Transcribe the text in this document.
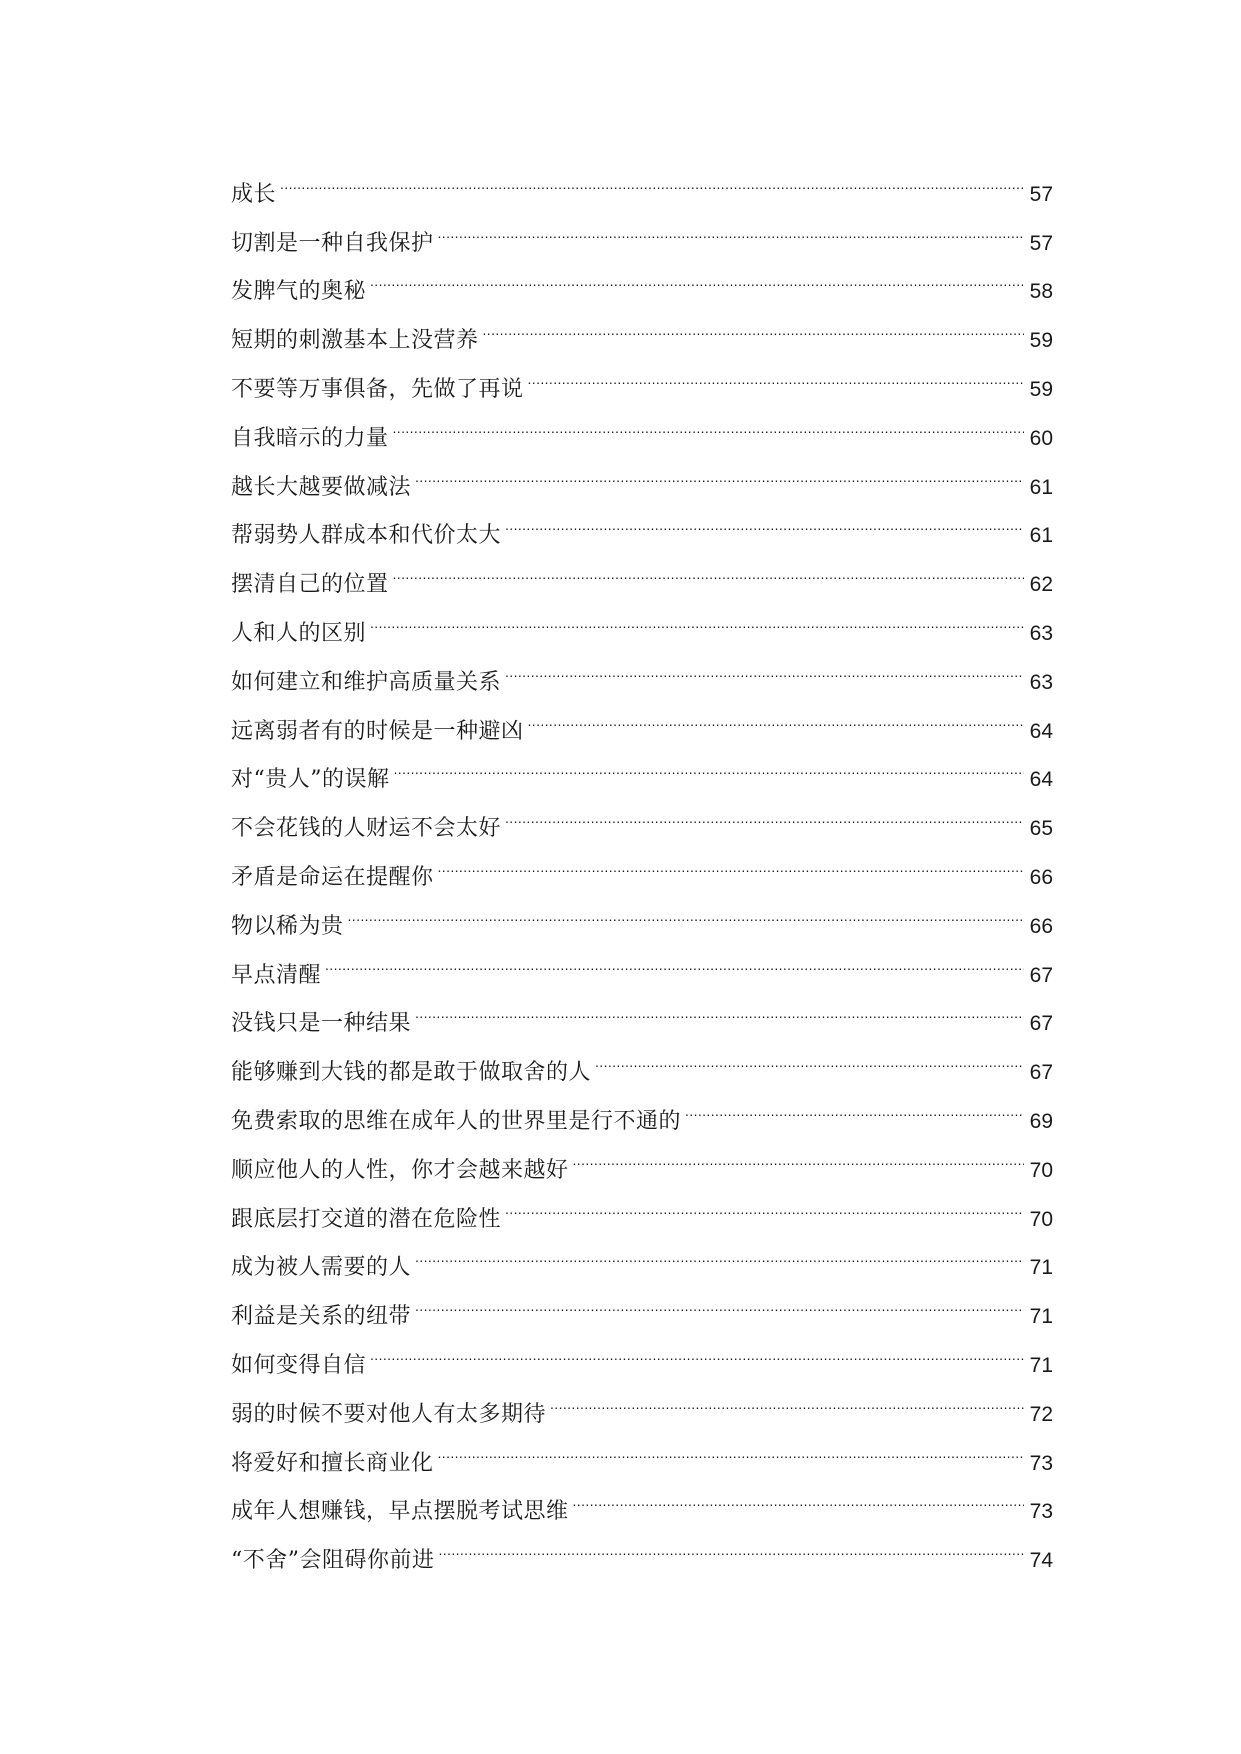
成长 . . .	57
切割是一种自我保护 . . .	57
发脾气的奥秘 . . .	58
短期的刺激基本上没营养 . . .	59
不要等万事俱备，先做了再说 . . .	59
自我暗示的力量 . . .	60
越长大越要做减法 . . .	61
帮弱势人群成本和代价太大 . . .	61
摆清自己的位置 . . .	62
人和人的区别 . . .	63
如何建立和维护高质量关系 . . .	63
远离弱者有的时候是一种避凶 . . .	64
对“贵人”的误解 . . .	64
不会花钱的人财运不会太好 . . .	65
矛盾是命运在提醒你 . . .	66
物以稀为贵 . . .	66
早点清醒 . . .	67
没钱只是一种结果 . . .	67
能够赚到大钱的都是敢于做取舍的人 . . .	67
免费索取的思维在成年人的世界里是行不通的 . . .	69
顺应他人的人性，你才会越来越好 . . .	70
跟底层打交道的潜在危险性 . . .	70
成为被人需要的人 . . .	71
利益是关系的纽带 . . .	71
如何变得自信 . . .	71
弱的时候不要对他人有太多期待 . . .	72
将爱好和擅长商业化 . . .	73
成年人想赚钱，早点摆脱考试思维 . . .	73
“不舍”会阻碍你前进 . . .	74
